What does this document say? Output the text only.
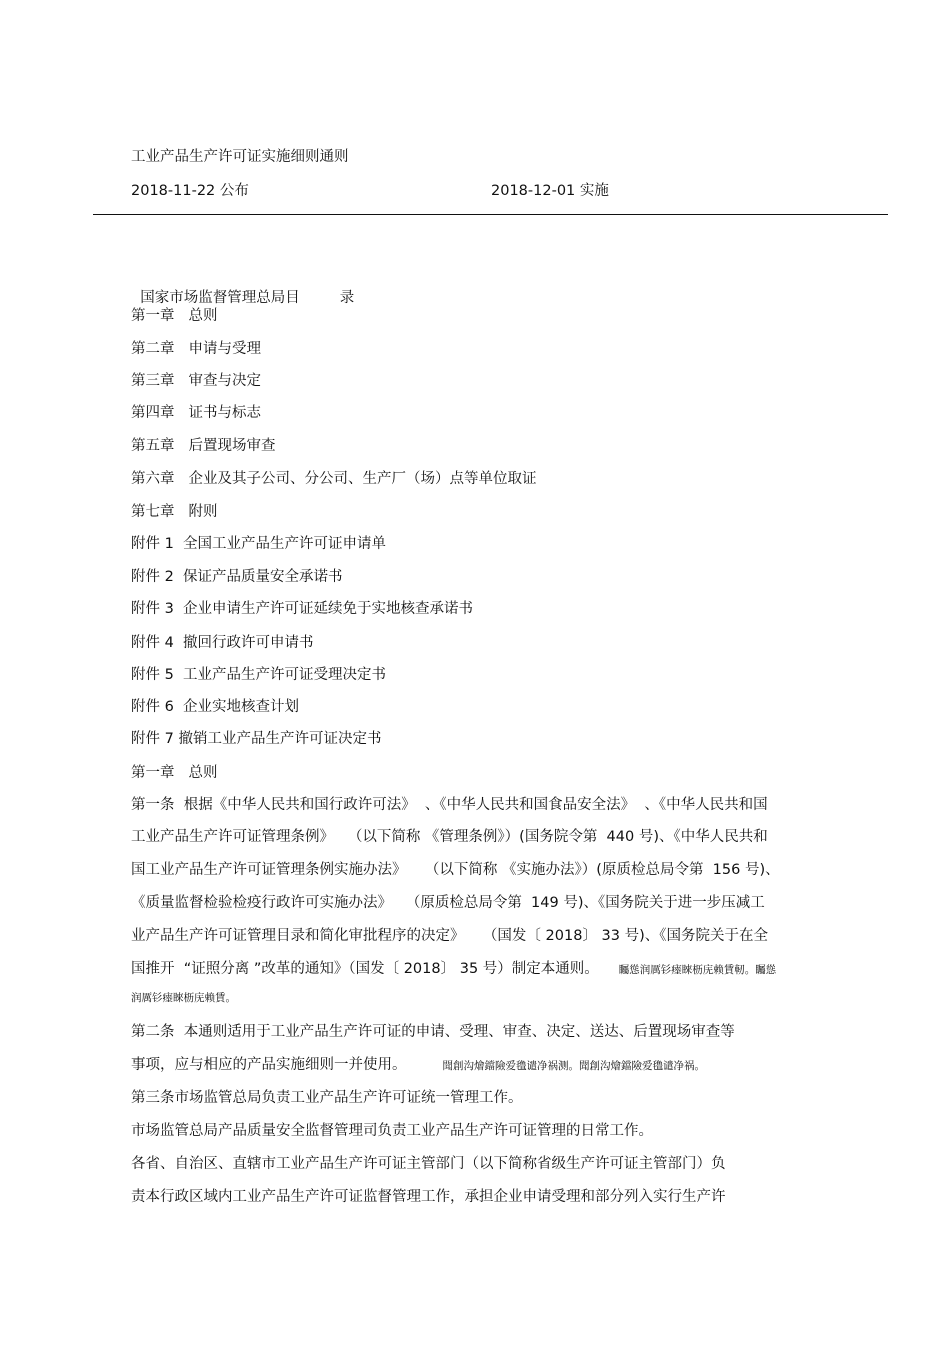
工业产品生产许可证实施细则通则
2018-11-22 公布	2018-12-01 实施

国家市场监督管理总局目	录

第一章 总则
第二章 申请与受理
第三章 审查与决定
第四章 证书与标志
第五章 后置现场审查
第六章 企业及其子公司、分公司、生产厂（场）点等单位取证
第七章 附则
附件 1  全国工业产品生产许可证申请单
附件 2  保证产品质量安全承诺书
附件 3  企业申请生产许可证延续免于实地核查承诺书
附件 4  撤回行政许可申请书
附件 5  工业产品生产许可证受理决定书
附件 6  企业实地核查计划
附件 7 撤销工业产品生产许可证决定书
第一章 总则
第一条  根据《中华人民共和国行政许可法》  、《中华人民共和国食品安全法》  、《中华人民共和国
工业产品生产许可证管理条例》   （以下简称 《管理条例》）(国务院令第  440 号)、《中华人民共和
国工业产品生产许可证管理条例实施办法》    （以下简称 《实施办法》）(原质检总局令第  156 号)、
《质量监督检验检疫行政许可实施办法》   （原质检总局令第  149 号)、《国务院关于进一步压减工
业产品生产许可证管理目录和简化审批程序的决定》    （国发〔 2018〕 33 号)、《国务院关于在全
国推开  “证照分离 ”改革的通知》（国发〔 2018〕 35 号）制定本通则。 矚慫润厲钐瘗睞枥庑赖賃軔。矚慫
润厲钐瘗睞枥庑赖賃。
第二条  本通则适用于工业产品生产许可证的申请、受理、审查、决定、送达、后置现场审查等
事项，应与相应的产品实施细则一并使用。	聞創沟燴鐺險爱氇谴净祸测。聞創沟燴鐺險爱氇谴净祸。
第三条市场监管总局负责工业产品生产许可证统一管理工作。
市场监管总局产品质量安全监督管理司负责工业产品生产许可证管理的日常工作。
各省、自治区、直辖市工业产品生产许可证主管部门（以下简称省级生产许可证主管部门）负
责本行政区域内工业产品生产许可证监督管理工作，承担企业申请受理和部分列入实行生产许
